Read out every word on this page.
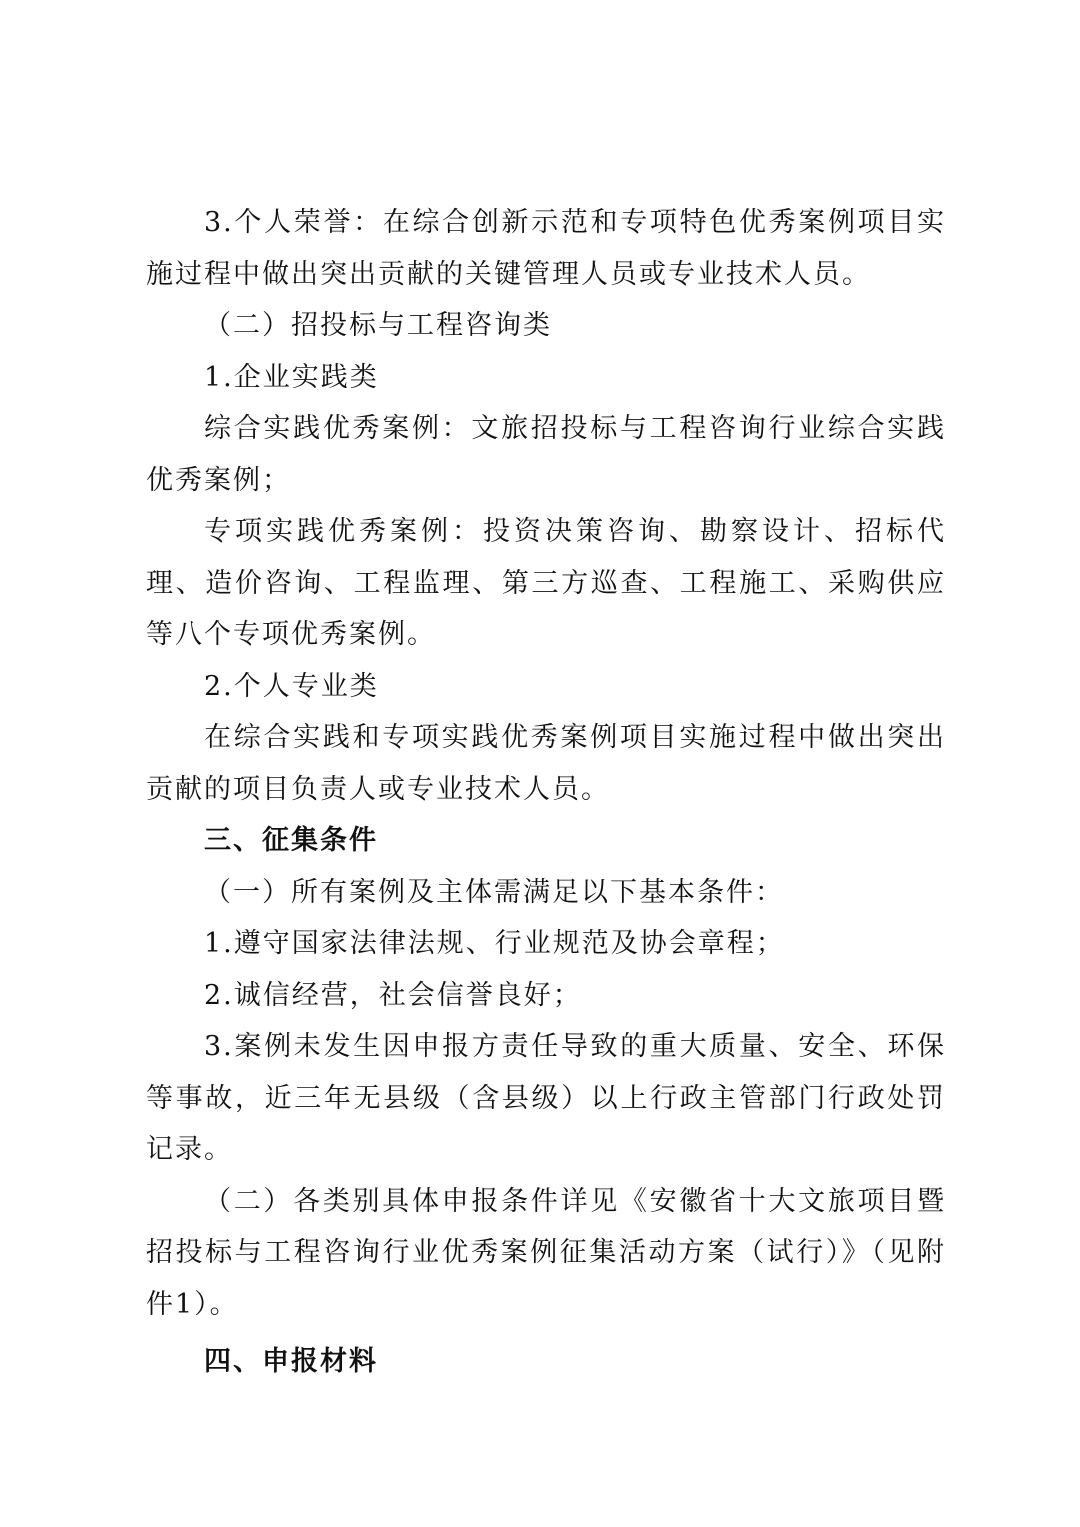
3.个人荣誉：在综合创新示范和专项特色优秀案例项目实施过程中做出突出贡献的关键管理人员或专业技术人员。

（二）招投标与工程咨询类

1.企业实践类

综合实践优秀案例：文旅招投标与工程咨询行业综合实践优秀案例；

专项实践优秀案例：投资决策咨询、勘察设计、招标代理、造价咨询、工程监理、第三方巡查、工程施工、采购供应等八个专项优秀案例。

2.个人专业类

在综合实践和专项实践优秀案例项目实施过程中做出突出贡献的项目负责人或专业技术人员。

三、征集条件

（一）所有案例及主体需满足以下基本条件：

1.遵守国家法律法规、行业规范及协会章程；

2.诚信经营，社会信誉良好；

3.案例未发生因申报方责任导致的重大质量、安全、环保等事故，近三年无县级（含县级）以上行政主管部门行政处罚记录。

（二）各类别具体申报条件详见《安徽省十大文旅项目暨招投标与工程咨询行业优秀案例征集活动方案（试行）》（见附件1）。

四、申报材料
